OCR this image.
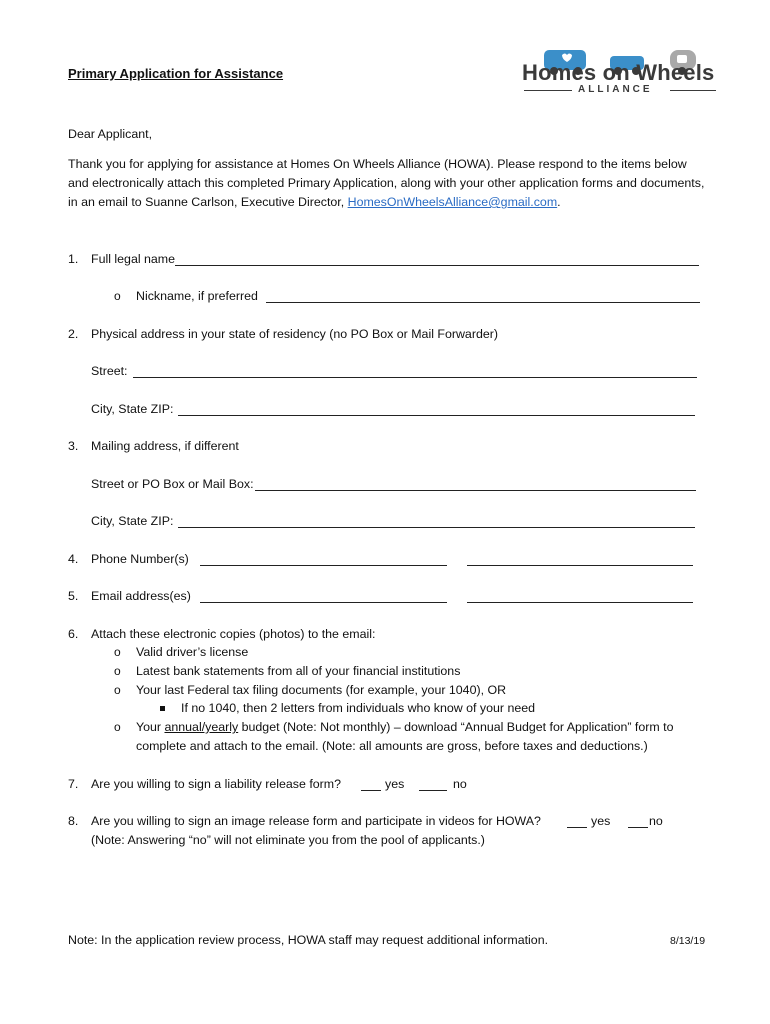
Primary Application for Assistance	Homes on Wheels
ALLIANCE
Dear Applicant,
Thank you for applying for assistance at Homes On Wheels Alliance (HOWA). Please respond to the items below and electronically attach this completed Primary Application, along with your other application forms and documents, in an email to Suanne Carlson, Executive Director, HomesOnWheelsAlliance@gmail.com.
1. Full legal name
o Nickname, if preferred
2. Physical address in your state of residency (no PO Box or Mail Forwarder)
Street:
City, State ZIP:
3. Mailing address, if different
Street or PO Box or Mail Box:
City, State ZIP:
4. Phone Number(s)
5. Email address(es)
6. Attach these electronic copies (photos) to the email:
o Valid driver’s license
o Latest bank statements from all of your financial institutions
o Your last Federal tax filing documents (for example, your 1040), OR
If no 1040, then 2 letters from individuals who know of your need
o Your annual/yearly budget (Note: Not monthly) – download “Annual Budget for Application” form to
complete and attach to the email. (Note: all amounts are gross, before taxes and deductions.)
7. Are you willing to sign a liability release form?	yes	no
8. Are you willing to sign an image release form and participate in videos for HOWA?	yes	no
(Note: Answering “no” will not eliminate you from the pool of applicants.)
Note: In the application review process, HOWA staff may request additional information.	8/13/19
